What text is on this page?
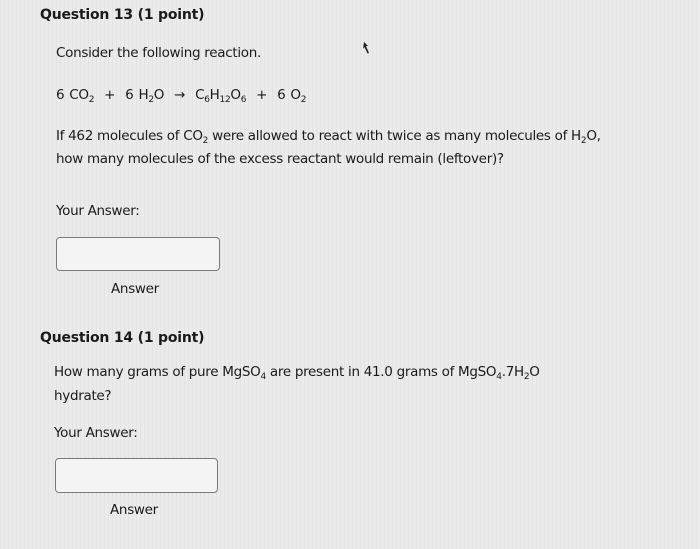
Question 13 (1 point)
Consider the following reaction.
6 $CO_2 + 6$ $H_2O \to C_6H_{12}O_6 + 6$ $O_2$
If 462 molecules of $CO_2$ were allowed to react with twice as many molecules of $H_2O$,
how many molecules of the excess reactant would remain (leftover)?
Your Answer:
Answer
Question 14 (1 point)
How many grams of pure MgSO$_4$ are present in 41.0 grams of $MgSO_4.7H_2O$
hydrate?
Your Answer:
Answer
